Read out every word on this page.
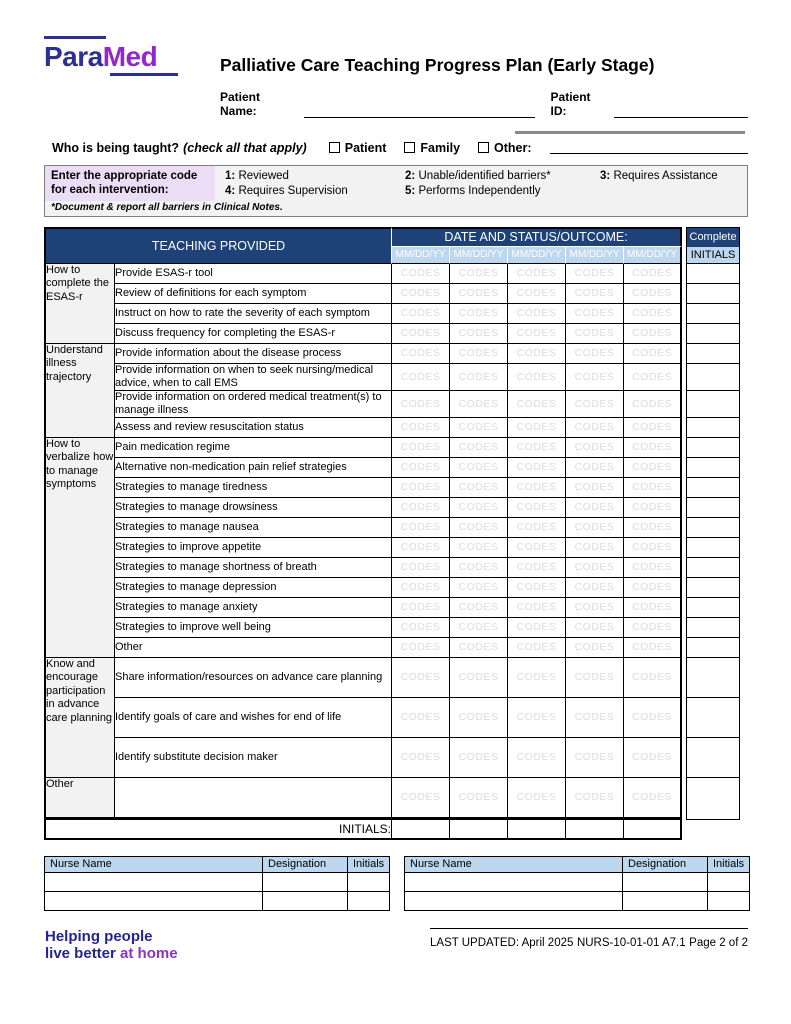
ParaMed	Palliative Care Teaching Progress Plan (Early Stage)
Patient Name:
Patient ID:
Who is being taught? (check all that apply)	Patient	Family	Other:
Enter the appropriate code for each intervention:
1 : Reviewed
4 : Requires Supervision
2 : Unable/identified barriers*
5 : Performs Independently
3 : Requires Assistance
*Document & report all barriers in Clinical Notes.
TEACHING PROVIDED		DATE AND STATUS/OUTCOME:						Complete
		MM/DD/YY	MM/DD/YY	MM/DD/YY	MM/DD/YY	MM/DD/YY		INITIALS
How to complete the ESAS-r	Provide ESAS-r tool	CODES	CODES	CODES	CODES	CODES		
	Review of definitions for each symptom	CODES	CODES	CODES	CODES	CODES		
	Instruct on how to rate the severity of each symptom	CODES	CODES	CODES	CODES	CODES		
	Discuss frequency for completing the ESAS-r	CODES	CODES	CODES	CODES	CODES		
Understand illness trajectory	Provide information about the disease process	CODES	CODES	CODES	CODES	CODES		
	Provide information on when to seek nursing/medical advice, when to call EMS	CODES	CODES	CODES	CODES	CODES		
	Provide information on ordered medical treatment(s) to manage illness	CODES	CODES	CODES	CODES	CODES		
	Assess and review resuscitation status	CODES	CODES	CODES	CODES	CODES		
How to verbalize how to manage symptoms	Pain medication regime	CODES	CODES	CODES	CODES	CODES		
	Alternative non-medication pain relief strategies	CODES	CODES	CODES	CODES	CODES		
	Strategies to manage tiredness	CODES	CODES	CODES	CODES	CODES		
	Strategies to manage drowsiness	CODES	CODES	CODES	CODES	CODES		
	Strategies to manage nausea	CODES	CODES	CODES	CODES	CODES		
	Strategies to improve appetite	CODES	CODES	CODES	CODES	CODES		
	Strategies to manage shortness of breath	CODES	CODES	CODES	CODES	CODES		
	Strategies to manage depression	CODES	CODES	CODES	CODES	CODES		
	Strategies to manage anxiety	CODES	CODES	CODES	CODES	CODES		
	Strategies to improve well being	CODES	CODES	CODES	CODES	CODES		
	Other	CODES	CODES	CODES	CODES	CODES		
Know and encourage participation in advance care planning	Share information/resources on advance care planning	CODES	CODES	CODES	CODES	CODES		
	Identify goals of care and wishes for end of life	CODES	CODES	CODES	CODES	CODES		
	Identify substitute decision maker	CODES	CODES	CODES	CODES	CODES		
Other		CODES	CODES	CODES	CODES	CODES		
INITIALS:								
Nurse Name	Designation	Initials

		Nurse Name	Designation	Initials

Helping people
live better at home
LAST UPDATED: April 2025 NURS-10-01-01 A7.1 Page 2 of 2
